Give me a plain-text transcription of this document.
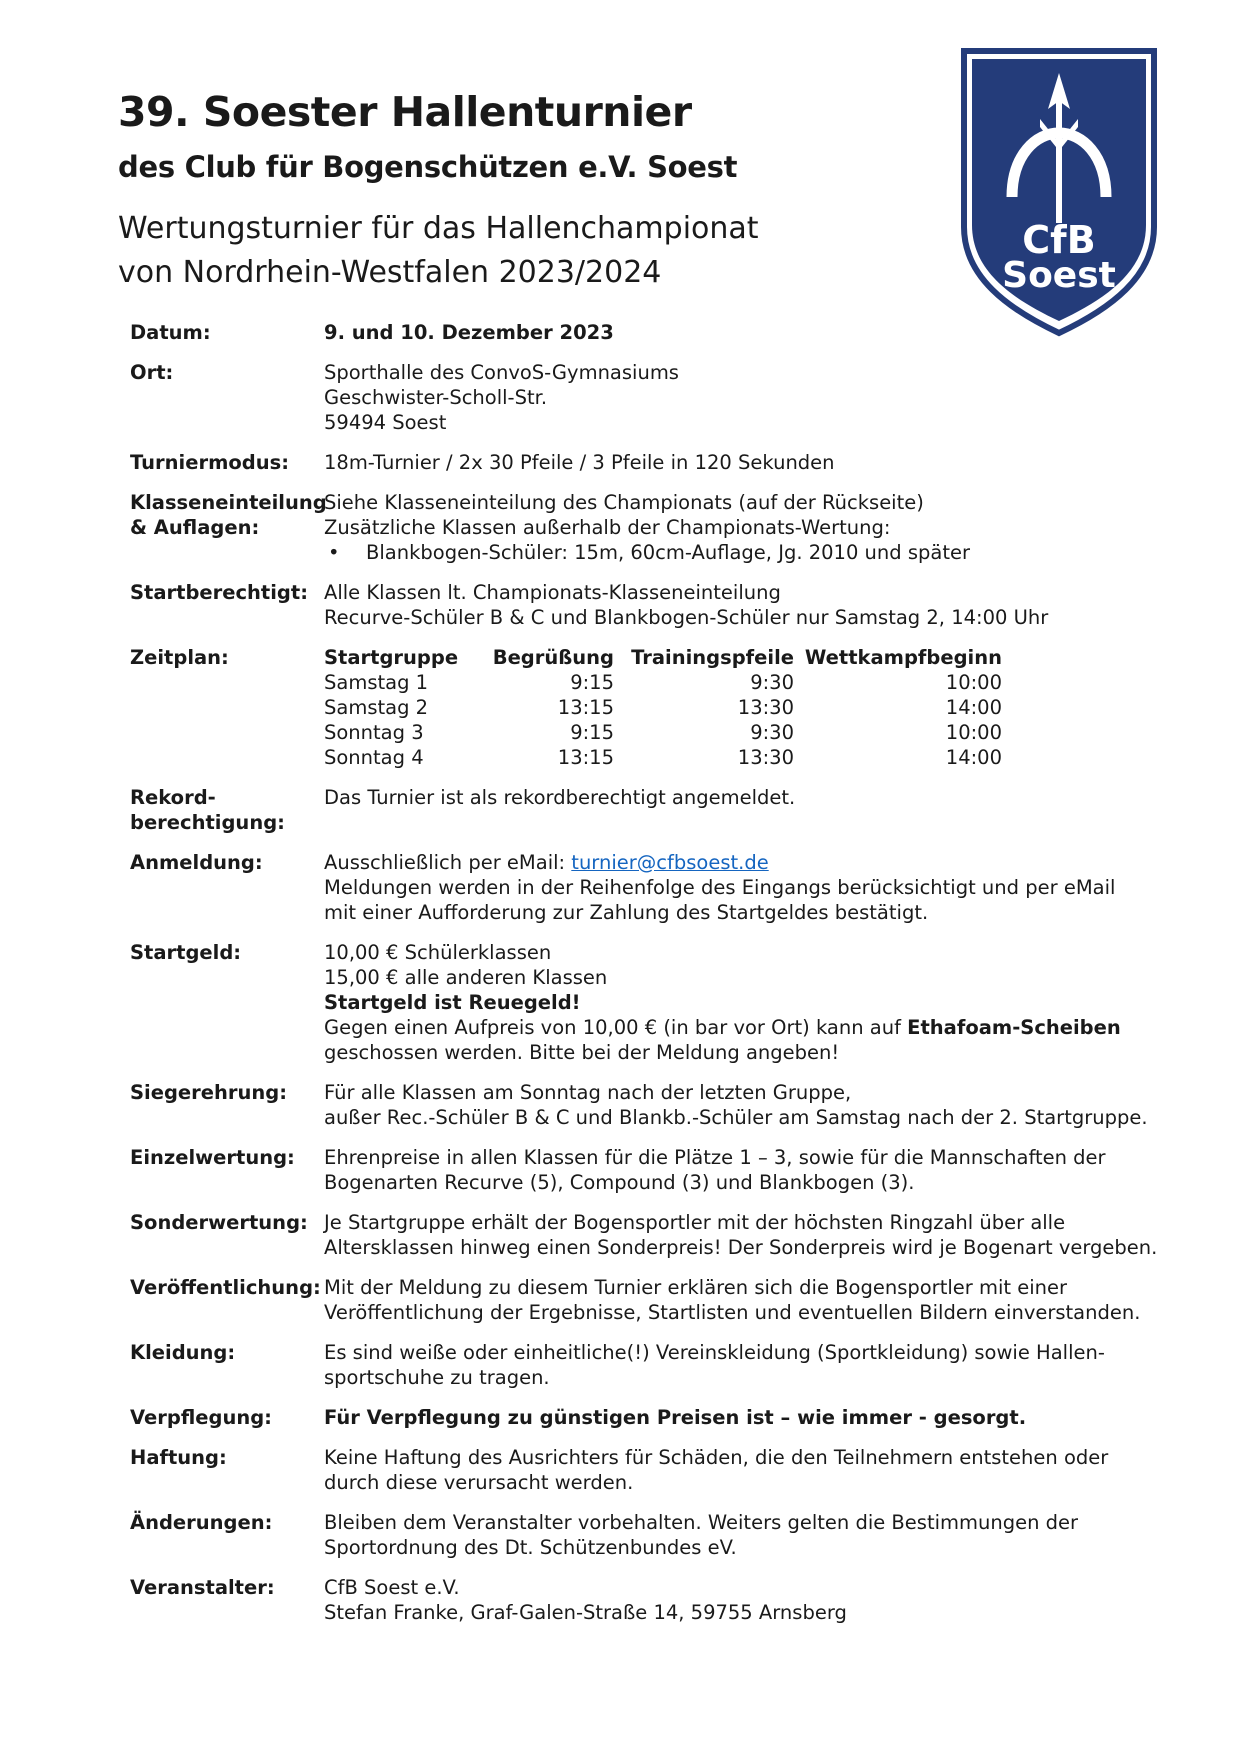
39. Soester Hallenturnier
des Club für Bogenschützen e.V. Soest
Wertungsturnier für das Hallenchampionat
von Nordrhein-Westfalen 2023/2024
CfB
Soest
Datum:	9. und 10. Dezember 2023
Ort:	Sporthalle des ConvoS-Gymnasiums
Geschwister-Scholl-Str.
59494 Soest
Turniermodus:	18m-Turnier / 2x 30 Pfeile / 3 Pfeile in 120 Sekunden
Klasseneinteilung
& Auflagen:
Siehe Klasseneinteilung des Championats (auf der Rückseite)
Zusätzliche Klassen außerhalb der Championats-Wertung:
•	Blankbogen-Schüler: 15m, 60cm-Auflage, Jg. 2010 und später
Startberechtigt: Alle Klassen lt. Championats-Klasseneinteilung
Recurve-Schüler B & C und Blankbogen-Schüler nur Samstag 2, 14:00 Uhr
Zeitplan:	Startgruppe	Begrüßung	Trainingspfeile	Wettkampfbeginn
Samstag 1	9:15	9:30	10:00
Samstag 2	13:15	13:30	14:00
Sonntag 3	9:15	9:30	10:00
Sonntag 4	13:15	13:30	14:00
Rekord-
berechtigung:
Das Turnier ist als rekordberechtigt angemeldet.
Anmeldung:	Ausschließlich per eMail: turnier@cfbsoest.de
Meldungen werden in der Reihenfolge des Eingangs berücksichtigt und per eMail mit einer Aufforderung zur Zahlung des Startgeldes bestätigt.
Startgeld:	10,00 € Schülerklassen
15,00 € alle anderen Klassen
Startgeld ist Reuegeld!
Gegen einen Aufpreis von 10,00 € (in bar vor Ort) kann auf Ethafoam-Scheiben
geschossen werden. Bitte bei der Meldung angeben!
Siegerehrung:	Für alle Klassen am Sonntag nach der letzten Gruppe,
außer Rec.-Schüler B & C und Blankb.-Schüler am Samstag nach der 2. Startgruppe.
Einzelwertung:	Ehrenpreise in allen Klassen für die Plätze 1 – 3, sowie für die Mannschaften der
Bogenarten Recurve (5), Compound (3) und Blankbogen (3).
Sonderwertung: Je Startgruppe erhält der Bogensportler mit der höchsten Ringzahl über alle
Altersklassen hinweg einen Sonderpreis! Der Sonderpreis wird je Bogenart vergeben.
Veröffentlichung: Mit der Meldung zu diesem Turnier erklären sich die Bogensportler mit einer
Veröffentlichung der Ergebnisse, Startlisten und eventuellen Bildern einverstanden.
Kleidung:	Es sind weiße oder einheitliche(!) Vereinskleidung (Sportkleidung) sowie Hallen-
sportschuhe zu tragen.
Verpflegung:	Für Verpflegung zu günstigen Preisen ist – wie immer - gesorgt.
Haftung:	Keine Haftung des Ausrichters für Schäden, die den Teilnehmern entstehen oder
durch diese verursacht werden.
Änderungen:	Bleiben dem Veranstalter vorbehalten. Weiters gelten die Bestimmungen der
Sportordnung des Dt. Schützenbundes eV.
Veranstalter:	CfB Soest e.V.
Stefan Franke, Graf-Galen-Straße 14, 59755 Arnsberg
